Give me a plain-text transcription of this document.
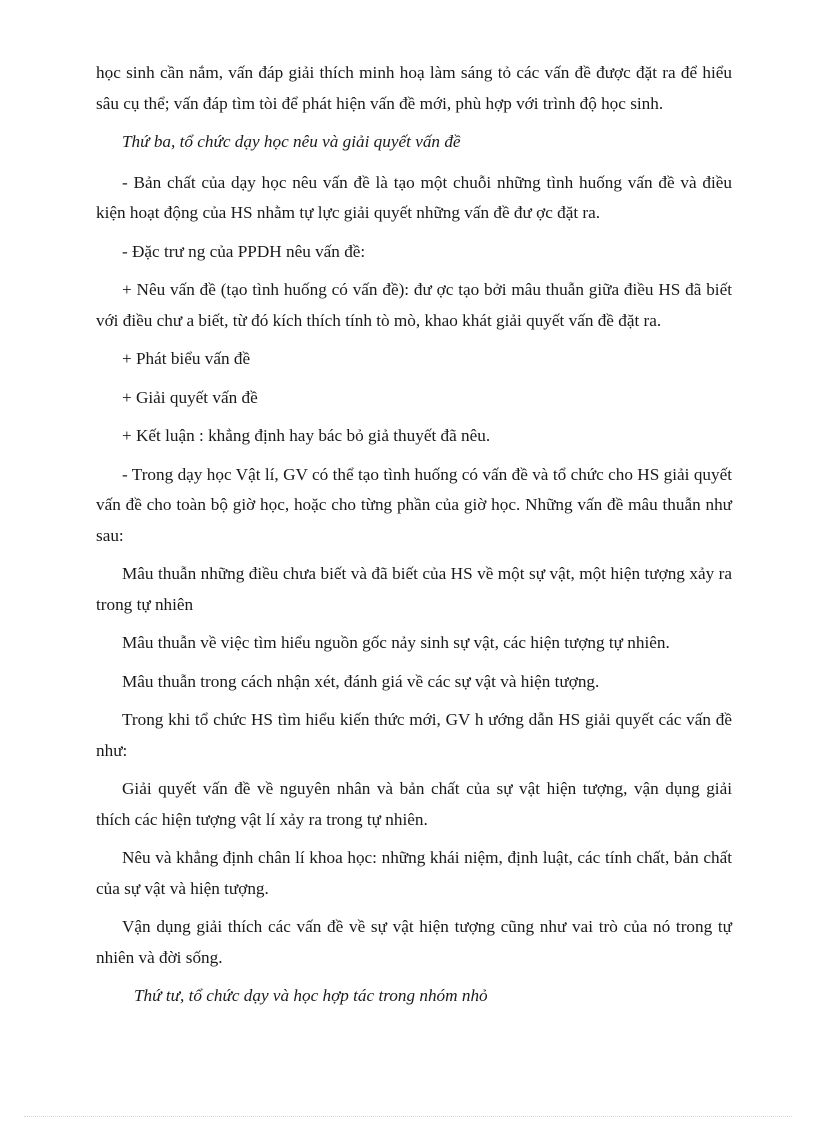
học sinh cần nắm, vấn đáp giải thích minh hoạ làm sáng tỏ các vấn đề được đặt ra để hiểu sâu cụ thể; vấn đáp tìm tòi để phát hiện vấn đề mới, phù hợp với trình độ học sinh.

Thứ ba, tổ chức dạy học nêu và giải quyết vấn đề

- Bản chất của dạy học nêu vấn đề là tạo một chuỗi những tình huống vấn đề và điều kiện hoạt động của HS nhằm tự lực giải quyết những vấn đề đư ợc đặt ra.

- Đặc trư ng của PPDH nêu vấn đề:

+ Nêu vấn đề (tạo tình huống có vấn đề): đư ợc tạo bởi mâu thuẫn giữa điều HS đã biết với điều chư a biết, từ đó kích thích tính tò mò, khao khát giải quyết vấn đề đặt ra.

+ Phát biểu vấn đề

+ Giải quyết vấn đề

+ Kết luận : khẳng định hay bác bỏ giả thuyết đã nêu.

- Trong dạy học Vật lí, GV có thể tạo tình huống có vấn đề và tổ chức cho HS giải quyết vấn đề cho toàn bộ giờ học, hoặc cho từng phần của giờ học. Những vấn đề mâu thuẫn như sau:

Mâu thuẫn những điều chưa biết và đã biết của HS về một sự vật, một hiện tượng xảy ra trong tự nhiên

Mâu thuẫn về việc tìm hiểu nguồn gốc nảy sinh sự vật, các hiện tượng tự nhiên.

Mâu thuẫn trong cách nhận xét, đánh giá về các sự vật và hiện tượng.

Trong khi tổ chức HS tìm hiểu kiến thức mới, GV h ướng dẫn HS giải quyết các vấn đề như:

Giải quyết vấn đề về nguyên nhân và bản chất của sự vật hiện tượng, vận dụng giải thích các hiện tượng vật lí xảy ra trong tự nhiên.

Nêu và khẳng định chân lí khoa học: những khái niệm, định luật, các tính chất, bản chất của sự vật và hiện tượng.

Vận dụng giải thích các vấn đề về sự vật hiện tượng cũng như vai trò của nó trong tự nhiên và đời sống.

Thứ tư, tổ chức dạy và học hợp tác trong nhóm nhỏ
